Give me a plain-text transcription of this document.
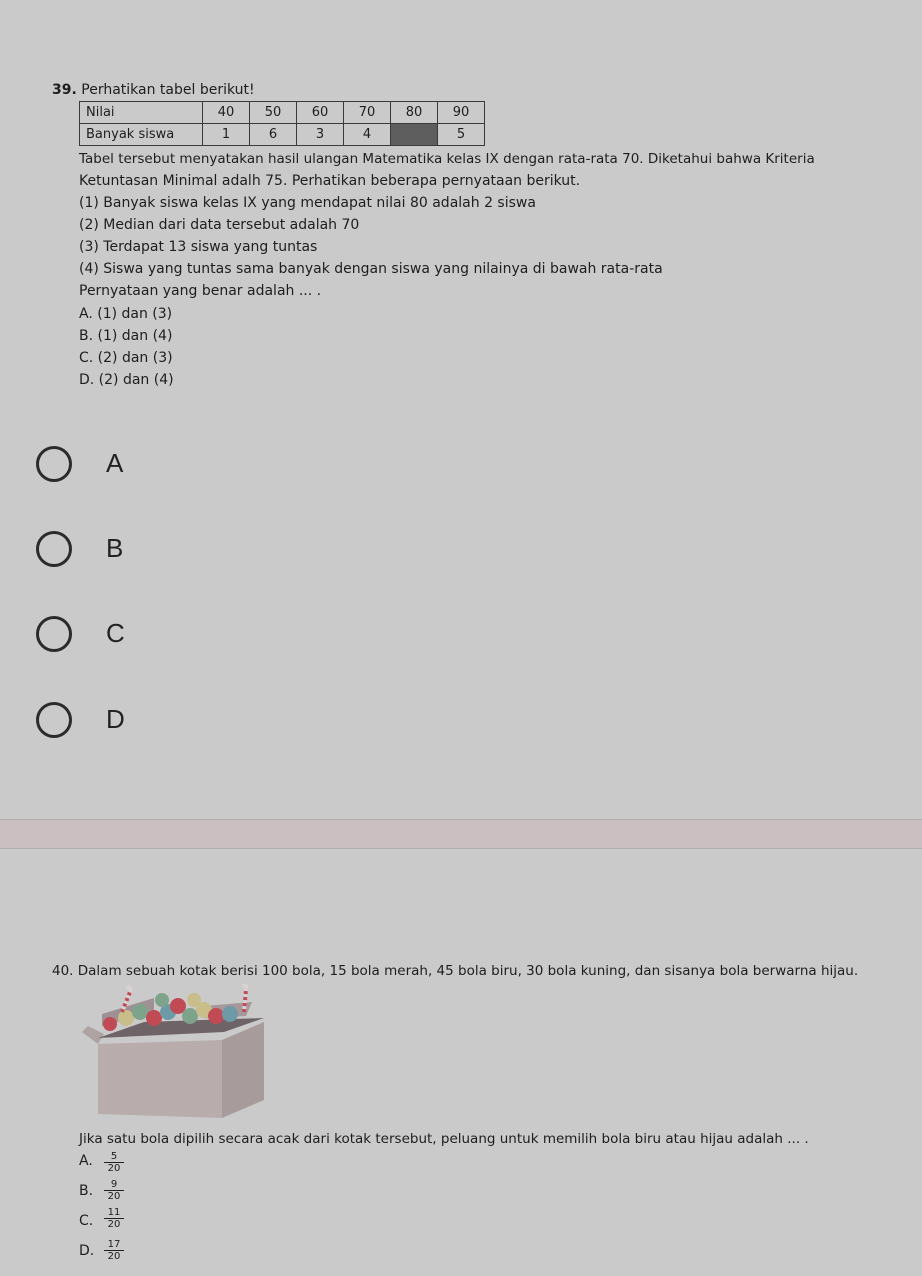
39. Perhatikan tabel berikut!
Nilai	40	50	60	70	80	90
Banyak siswa	1	6	3	4		5
Tabel tersebut menyatakan hasil ulangan Matematika kelas IX dengan rata-rata 70. Diketahui bahwa Kriteria
Ketuntasan Minimal adalh 75. Perhatikan beberapa pernyataan berikut.
(1) Banyak siswa kelas IX yang mendapat nilai 80 adalah 2 siswa
(2) Median dari data tersebut adalah 70
(3) Terdapat 13 siswa yang tuntas
(4) Siswa yang tuntas sama banyak dengan siswa yang nilainya di bawah rata-rata
Pernyataan yang benar adalah ... .
A. (1) dan (3)
B. (1) dan (4)
C. (2) dan (3)
D. (2) dan (4)
A
B
C
D
40. Dalam sebuah kotak berisi 100 bola, 15 bola merah, 45 bola biru, 30 bola kuning, dan sisanya bola berwarna hijau.
Jika satu bola dipilih secara acak dari kotak tersebut, peluang untuk memilih bola biru atau hijau adalah ... .
A. $\frac{5}{20}$
B. $\frac{9}{20}$
C. $\frac{11}{20}$
D. $\frac{17}{20}$
